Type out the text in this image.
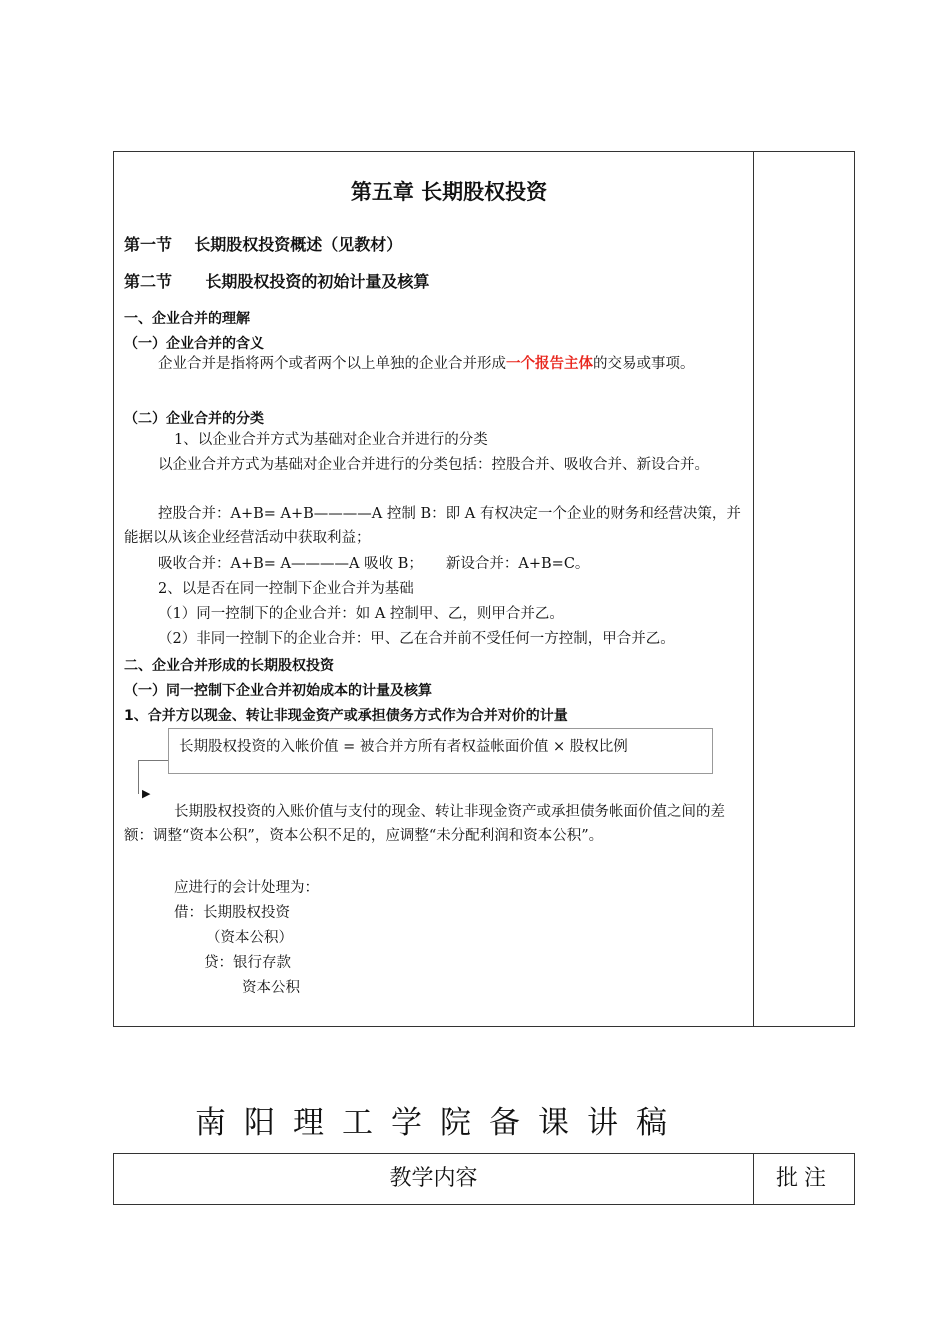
第五章 长期股权投资
第一节    长期股权投资概述（见教材）
第二节      长期股权投资的初始计量及核算
一、企业合并的理解
（一）企业合并的含义
企业合并是指将两个或者两个以上单独的企业合并形成一个报告主体的交易或事项。
（二）企业合并的分类
1、以企业合并方式为基础对企业合并进行的分类
以企业合并方式为基础对企业合并进行的分类包括：控股合并、吸收合并、新设合并。
控股合并：A+B= A+B————A 控制 B：即 A 有权决定一个企业的财务和经营决策，并能据以从该企业经营活动中获取利益；
吸收合并：A+B= A————A 吸收 B；     新设合并：A+B=C。
2、以是否在同一控制下企业合并为基础
（1）同一控制下的企业合并：如 A 控制甲、乙，则甲合并乙。
（2）非同一控制下的企业合并：甲、乙在合并前不受任何一方控制，甲合并乙。
二、企业合并形成的长期股权投资
（一）同一控制下企业合并初始成本的计量及核算
1、合并方以现金、转让非现金资产或承担债务方式作为合并对价的计量
长期股权投资的入帐价值 = 被合并方所有者权益帐面价值 × 股权比例
▶
长期股权投资的入账价值与支付的现金、转让非现金资产或承担债务帐面价值之间的差额：调整“资本公积”，资本公积不足的，应调整“未分配利润和资本公积”。
应进行的会计处理为：
借：长期股权投资
（资本公积）
贷：银行存款
资本公积
南阳理工学院备课讲稿
教学内容	批注
